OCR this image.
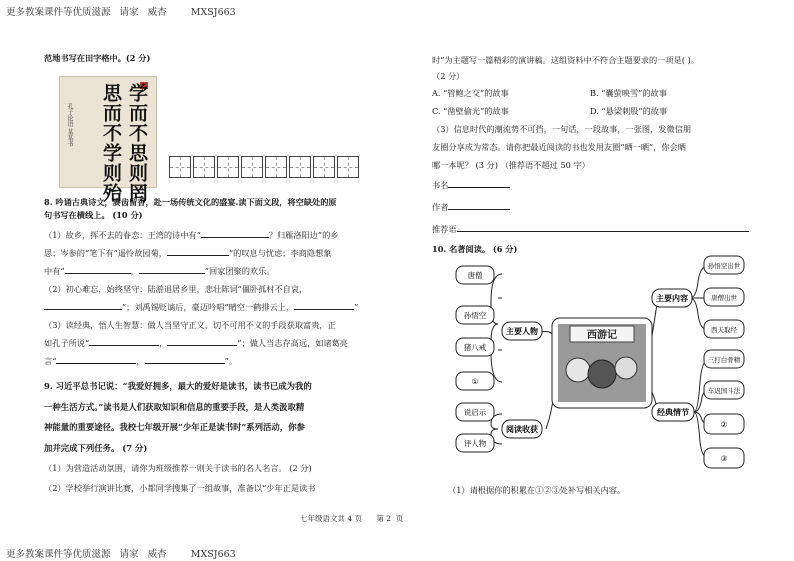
更多教案课件等优质滋源   请家   威杏        MXSJ663
范地书写在田字格中。(2 分)
学而不思则罔
思而不学则殆
孔子论语 某某书
8. 吟诵古典诗文，赓齿留香，赴一场传统文化的盛宴.读下面文段，将空缺处的原
句书写在横线上。 (10 分)
（1）故乡，挥不去的眷恋：王湾的诗中有“	？归雁洛阳边”的乡
思；岑参的“笔下有“遥怜故园菊，	”的叹息与忧虑；李商隐想象
中有“	，	”回家团聚的欢乐。
（2）初心难忘，始终坚守：陆游退居乡里，悲壮陈词“僵卧孤村不自哀，
”；刘禹锡贬谪后，豪迈吟唱“晴空一鹤排云上，	”
（3）读经典，悟人生智慧：做人当坚守正义，切不可用不义的手段获取富贵，正
如孔子所说“	，	”；做人当志存高远，如诸葛亮
言“	，	”。
9. 习近平总书记说：“我爱好拥多，最大的爱好是读书，读书已成为我的
一种生活方式。”读书是人们获取知识和信息的重要手段，是人类汲取精
神能量的重要途径。我校七年级开展“少年正是读书时”系列活动，你参
加并完成下列任务。 (7 分)
（1）为营造活动氛围，请你为班级推荐一则关于读书的名人名言。 (2 分)
（2）学校举行演讲比赛，小都同学搜集了一组故事，准备以“少年正是读书
七年级语文共 4 页      第 2  页
时”为主题写一篇精彩的演讲稿。这组资料中不符合主题要求的一项是( )。
（2 分）
A. “管鲍之交”的故事	B. “囊萤映雪”的故事
C. “凿壁偷光”的故事	D. “悬梁刺股”的故事
（3）信息时代的潮流势不可挡，一句话，一段故事，一张图，发微信朋
友圈分享成为常态。请你把最近阅读的书也发用友圈“晒一晒”，你会晒
哪一本呢？ (3 分) （推荐语不超过 50 字）
书名
作者
推荐语
10. 名著阅读。 (6 分)
唐僧
孙悟空
猪八戒
①
说启示
评人物
主要人物
阅读收获
西游记
主要内容
经典情节
孙悟空出世
唐僧出世
西天取经
三打白骨精
车迟国斗法
②
③
（1）请根据你的积累在①②③处补写相关内容。
更多教案课件等优质滋源   请家   威杏        MXSJ663
